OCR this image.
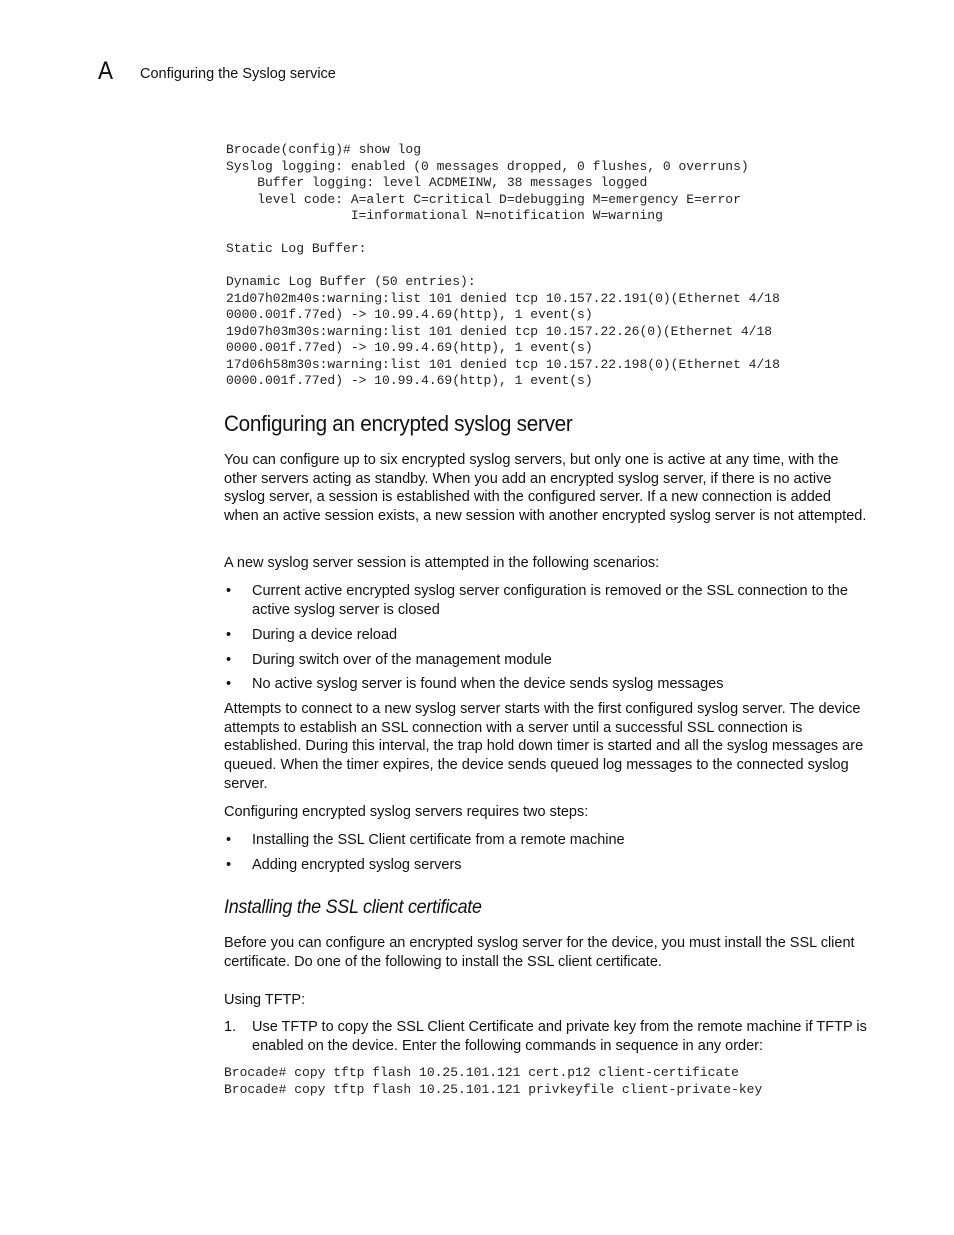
A Configuring the Syslog service
Brocade(config)# show log
Syslog logging: enabled (0 messages dropped, 0 flushes, 0 overruns)
Buffer logging: level ACDMEINW, 38 messages logged
level code: A=alert C=critical D=debugging M=emergency E=error
I=informational N=notification W=warning

Static Log Buffer:

Dynamic Log Buffer (50 entries):
21d07h02m40s:warning:list 101 denied tcp 10.157.22.191(0)(Ethernet 4/18
0000.001f.77ed) -> 10.99.4.69(http), 1 event(s)
19d07h03m30s:warning:list 101 denied tcp 10.157.22.26(0)(Ethernet 4/18
0000.001f.77ed) -> 10.99.4.69(http), 1 event(s)
17d06h58m30s:warning:list 101 denied tcp 10.157.22.198(0)(Ethernet 4/18
0000.001f.77ed) -> 10.99.4.69(http), 1 event(s)
Configuring an encrypted syslog server

You can configure up to six encrypted syslog servers, but only one is active at any time, with the other servers acting as standby. When you add an encrypted syslog server, if there is no active syslog server, a session is established with the configured server. If a new connection is added when an active session exists, a new session with another encrypted syslog server is not attempted.

A new syslog server session is attempted in the following scenarios:

• Current active encrypted syslog server configuration is removed or the SSL connection to the active syslog server is closed
• During a device reload
• During switch over of the management module
• No active syslog server is found when the device sends syslog messages

Attempts to connect to a new syslog server starts with the first configured syslog server. The device attempts to establish an SSL connection with a server until a successful SSL connection is established. During this interval, the trap hold down timer is started and all the syslog messages are queued. When the timer expires, the device sends queued log messages to the connected syslog server.

Configuring encrypted syslog servers requires two steps:

• Installing the SSL Client certificate from a remote machine
• Adding encrypted syslog servers
Installing the SSL client certificate

Before you can configure an encrypted syslog server for the device, you must install the SSL client certificate. Do one of the following to install the SSL client certificate.

Using TFTP:
1. Use TFTP to copy the SSL Client Certificate and private key from the remote machine if TFTP is enabled on the device. Enter the following commands in sequence in any order:
Brocade# copy tftp flash 10.25.101.121 cert.p12 client-certificate
Brocade# copy tftp flash 10.25.101.121 privkeyfile client-private-key
